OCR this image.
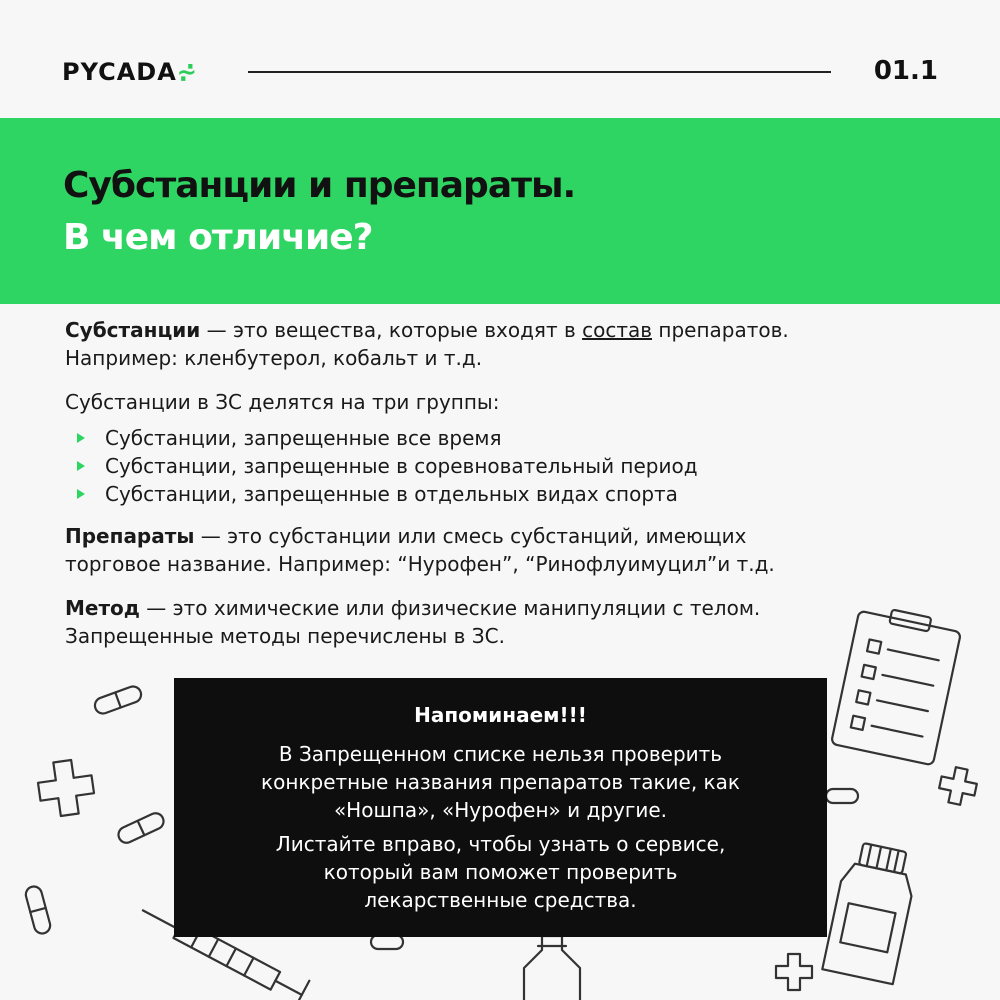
PYCADA⩫	01.1
Субстанции и препараты.
В чем отличие?

Субстанции — это вещества, которые входят в состав препаратов.
Например: кленбутерол, кобальт и т.д.

Субстанции в ЗС делятся на три группы:

Субстанции, запрещенные все время
Субстанции, запрещенные в соревновательный период
Субстанции, запрещенные в отдельных видах спорта

Препараты — это субстанции или смесь субстанций, имеющих
торговое название. Например: “Нурофен”, “Ринофлуимуцил”и т.д.

Метод — это химические или физические манипуляции с телом.
Запрещенные методы перечислены в ЗС.

Напоминаем!!!
В Запрещенном списке нельзя проверить
конкретные названия препаратов такие, как
«Ношпа», «Нурофен» и другие.
Листайте вправо, чтобы узнать о сервисе,
который вам поможет проверить
лекарственные средства.
